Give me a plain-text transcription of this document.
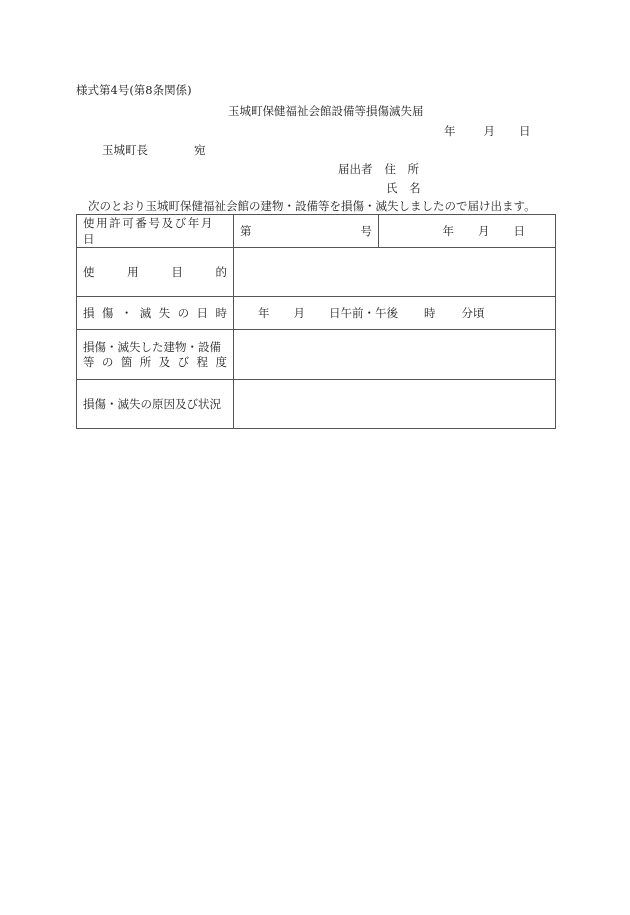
様式第4号(第8条関係)
玉城町保健福祉会館設備等損傷滅失届
年 月 日
玉城町長	宛
届出者 住　所
氏　名
次のとおり玉城町保健福祉会館の建物・設備等を損傷・滅失しましたので届け出ます。
使用許可番号及び年月日	第 号	年 月 日

使 用 目 的		

損 傷 ・ 滅 失 の 日 時	年 月 日午前・午後 時 分頃

損傷・滅失した建物・設備
等 の 箇 所 及 び 程 度

損傷・滅失の原因及び状況		
